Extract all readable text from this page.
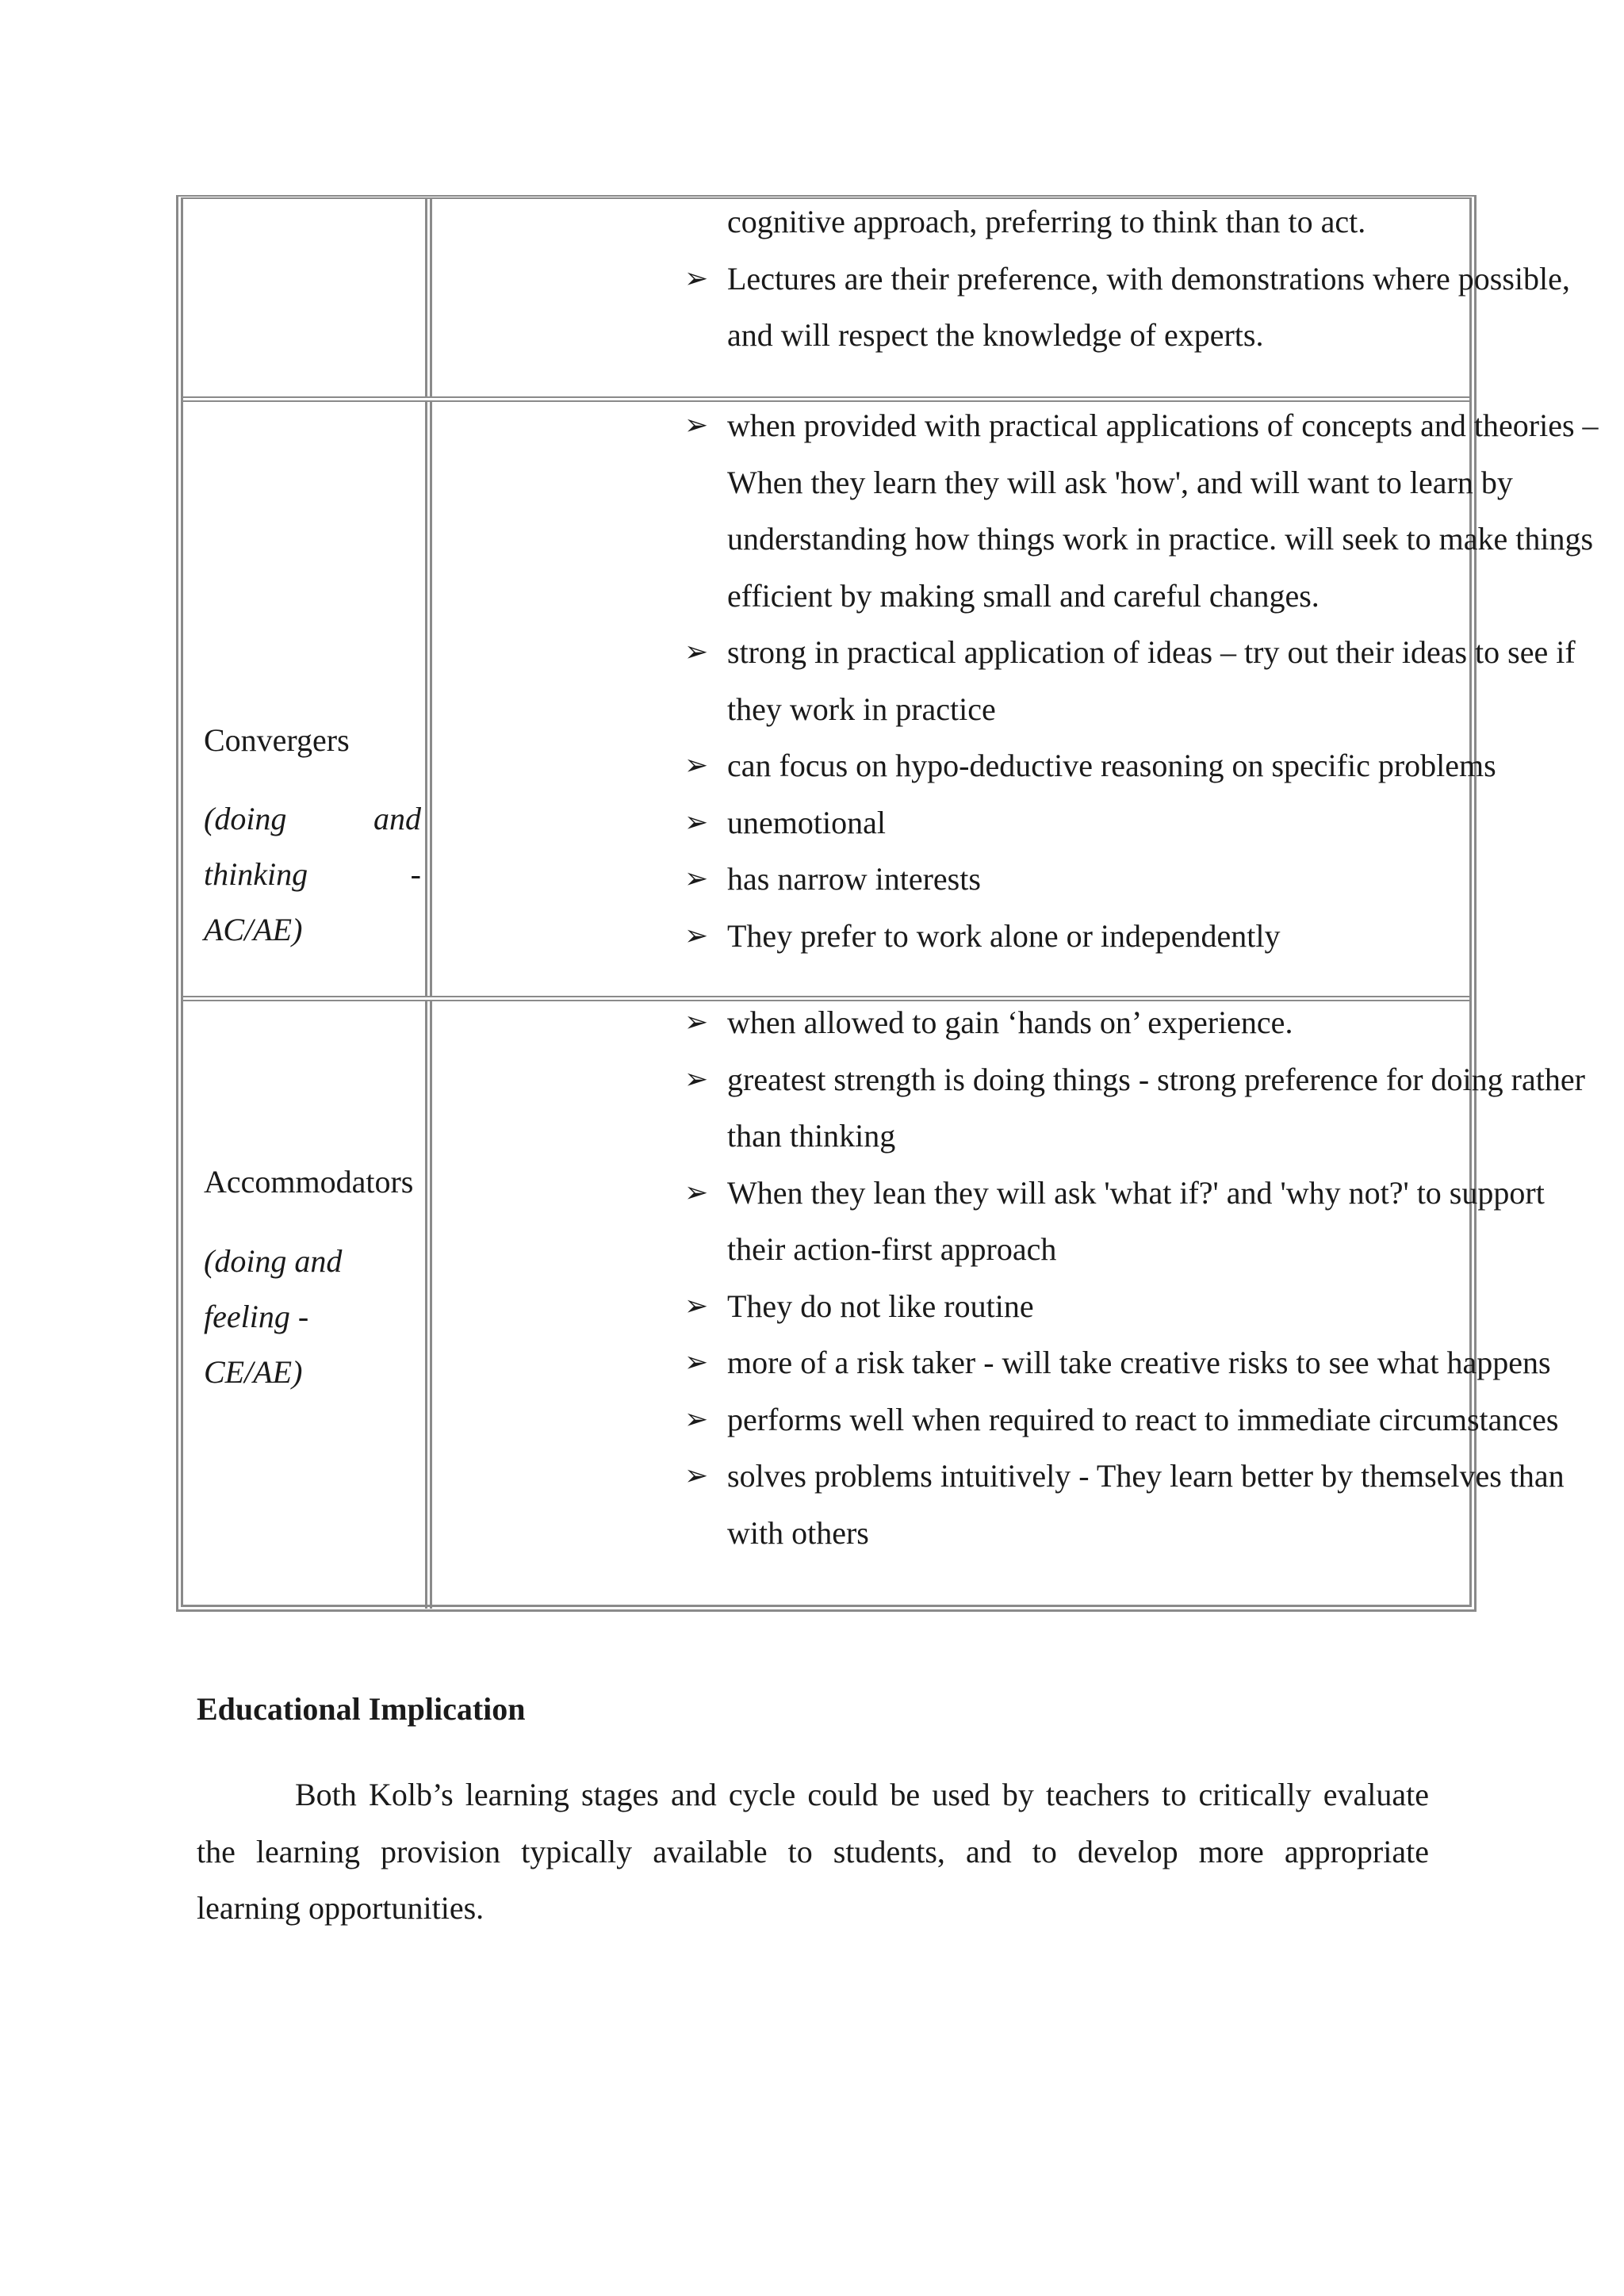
cognitive approach, preferring to think than to act.
➢ Lectures are their preference, with demonstrations where possible,
and will respect the knowledge of experts.
Convergers
(doing	and
thinking	-
AC/AE)
➢ when provided with practical applications of concepts and theories –
When they learn they will ask 'how', and will want to learn by
understanding how things work in practice. will seek to make things
efficient by making small and careful changes.
➢ strong in practical application of ideas – try out their ideas to see if
they work in practice
➢ can focus on hypo-deductive reasoning on specific problems
➢ unemotional
➢ has narrow interests
➢ They prefer to work alone or independently
Accommodators
(doing and
feeling -
CE/AE)
➢ when allowed to gain ‘hands on’ experience.
➢ greatest strength is doing things - strong preference for doing rather
than thinking
➢ When they lean they will ask 'what if?' and 'why not?' to support
their action-first approach
➢ They do not like routine
➢ more of a risk taker - will take creative risks to see what happens
➢ performs well when required to react to immediate circumstances
➢ solves problems intuitively - They learn better by themselves than
with others
Educational Implication
Both Kolb’s learning stages and cycle could be used by teachers to critically evaluate
the learning provision typically available to students, and to develop more appropriate
learning opportunities.
